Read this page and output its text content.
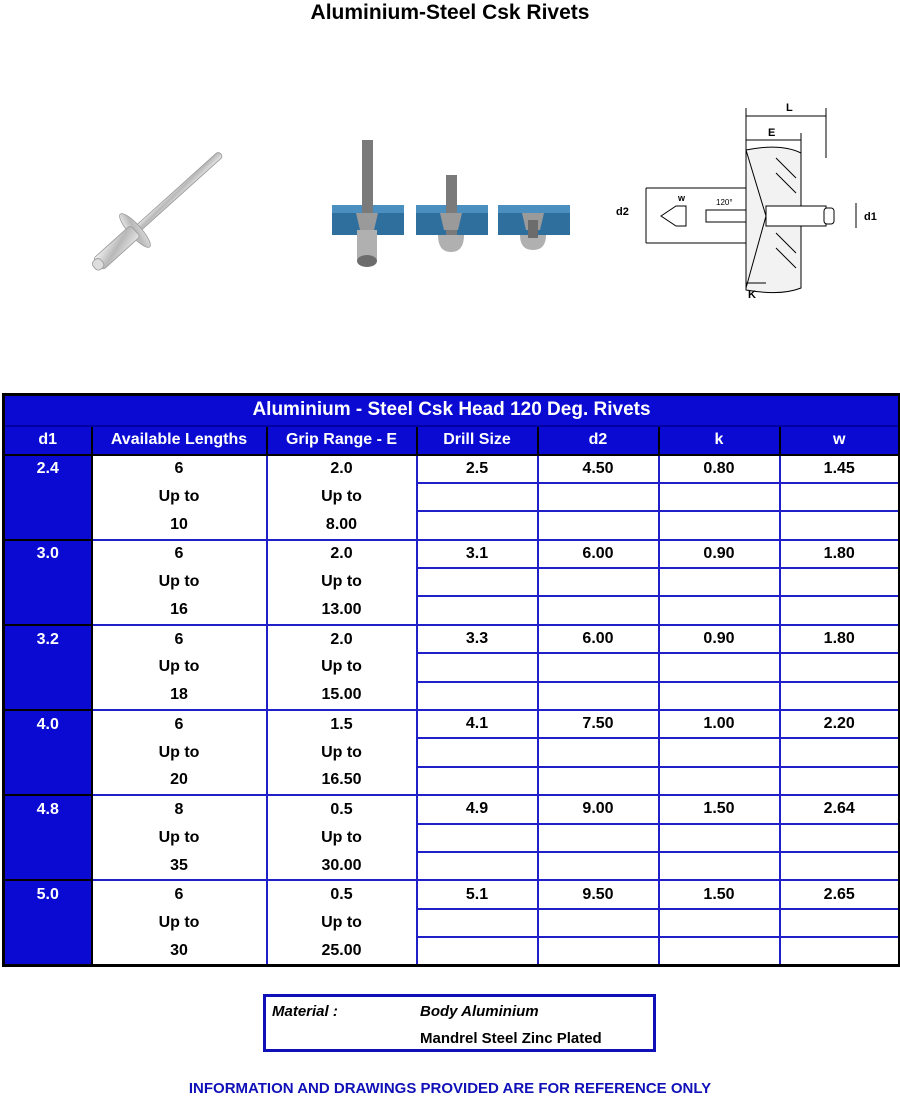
Aluminium-Steel Csk Rivets
L
E
d2
w	120°
d1
K
Aluminium - Steel Csk Head 120 Deg. Rivets						
d1	Available Lengths	Grip Range - E	Drill Size	d2	k	w
2.4	6	2.0	2.5	4.50	0.80	1.45
	Up to	Up to				
	10	8.00				
3.0	6	2.0	3.1	6.00	0.90	1.80
	Up to	Up to				
	16	13.00				
3.2	6	2.0	3.3	6.00	0.90	1.80
	Up to	Up to				
	18	15.00				
4.0	6	1.5	4.1	7.50	1.00	2.20
	Up to	Up to				
	20	16.50				
4.8	8	0.5	4.9	9.00	1.50	2.64
	Up to	Up to				
	35	30.00				
5.0	6	0.5	5.1	9.50	1.50	2.65
	Up to	Up to				
	30	25.00				
Material :	Body Aluminium
Mandrel Steel Zinc Plated
INFORMATION AND DRAWINGS PROVIDED ARE FOR REFERENCE ONLY
